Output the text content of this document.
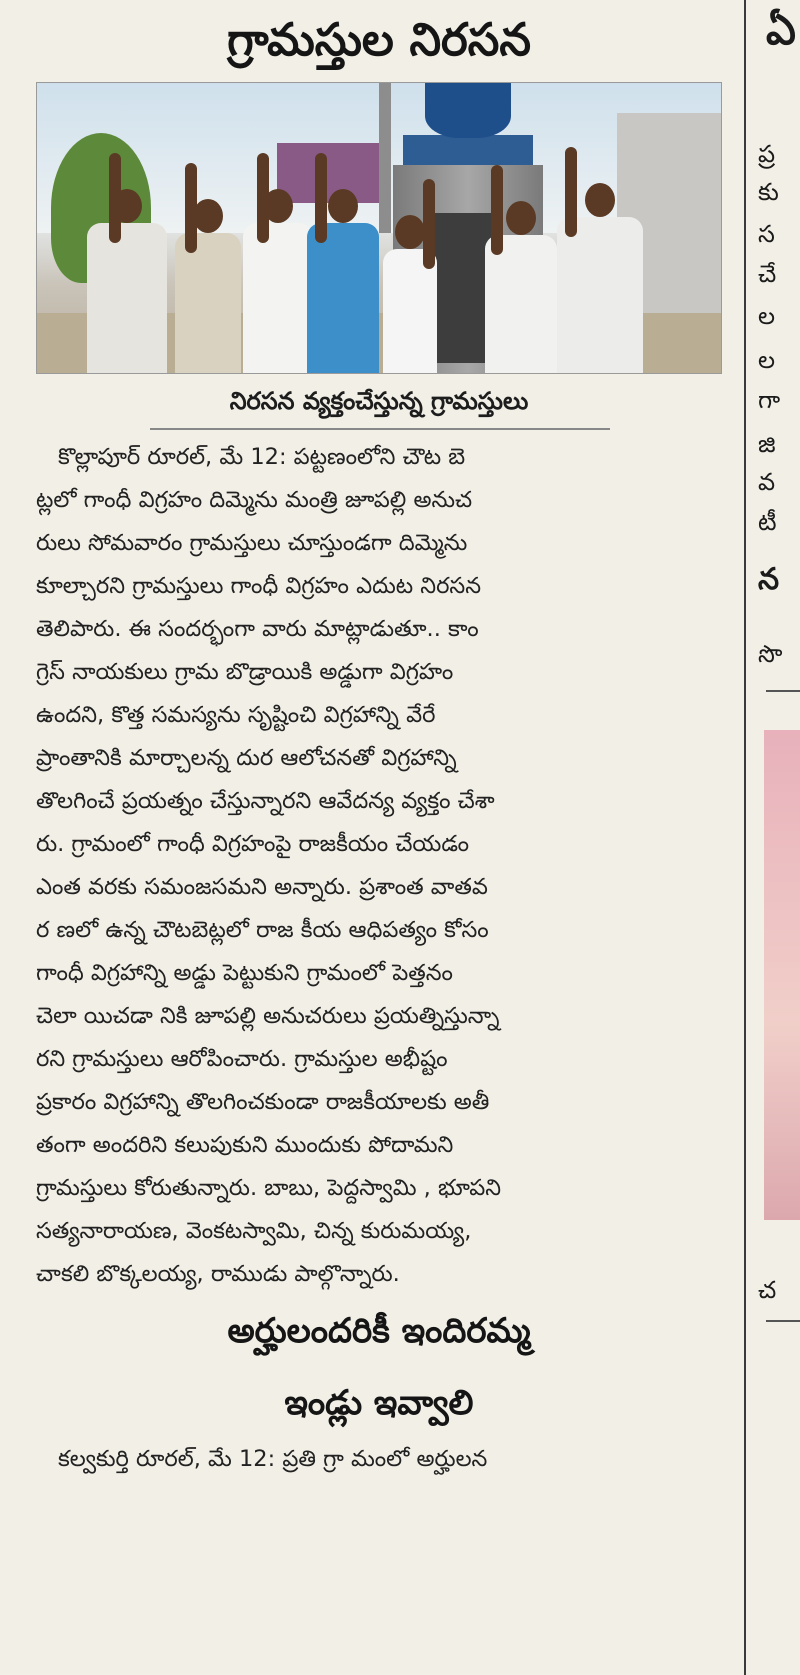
గ్రామస్తుల నిరసన
నిరసన వ్యక్తంచేస్తున్న గ్రామస్తులు
కొల్లాపూర్ రూరల్, మే 12: పట్టణంలోని చౌట బె
ట్లలో గాంధీ విగ్రహం దిమ్మెను మంత్రి జూపల్లి అనుచ
రులు సోమవారం గ్రామస్తులు చూస్తుండగా దిమ్మెను
కూల్చారని గ్రామస్తులు గాంధీ విగ్రహం ఎదుట నిరసన
తెలిపారు. ఈ సందర్భంగా వారు మాట్లాడుతూ.. కాం
గ్రెస్ నాయకులు గ్రామ బొడ్రాయికి అడ్డుగా విగ్రహం
ఉందని, కొత్త సమస్యను సృష్టించి విగ్రహాన్ని వేరే
ప్రాంతానికి మార్చాలన్న దుర ఆలోచనతో విగ్రహాన్ని
తొలగించే ప్రయత్నం చేస్తున్నారని ఆవేదన్య వ్యక్తం చేశా
రు. గ్రామంలో గాంధీ విగ్రహంపై రాజకీయం చేయడం
ఎంత వరకు సమంజసమని అన్నారు. ప్రశాంత వాతవ
ర ణలో ఉన్న చౌటబెట్లలో రాజ కీయ ఆధిపత్యం కోసం
గాంధీ విగ్రహాన్ని అడ్డు పెట్టుకుని గ్రామంలో పెత్తనం
చెలా యిచడా నికి జూపల్లి అనుచరులు ప్రయత్నిస్తున్నా
రని గ్రామస్తులు ఆరోపించారు. గ్రామస్తుల అభీష్టం
ప్రకారం విగ్రహాన్ని తొలగించకుండా రాజకీయాలకు అతీ
తంగా అందరిని కలుపుకుని ముందుకు పోదామని
గ్రామస్తులు కోరుతున్నారు. బాబు, పెద్దస్వామి , భూపని
సత్యనారాయణ, వెంకటస్వామి, చిన్న కురుమయ్య,
చాకలి బొక్కలయ్య, రాముడు పాల్గొన్నారు.
అర్హులందరికీ ఇందిరమ్మ
ఇండ్లు ఇవ్వాలి
కల్వకుర్తి రూరల్, మే 12: ప్రతి గ్రా మంలో అర్హులన
ఏ
ప్ర
కు
స
చే
ల
ల
గా
జి
వ
టీ
న
సొ
చ
